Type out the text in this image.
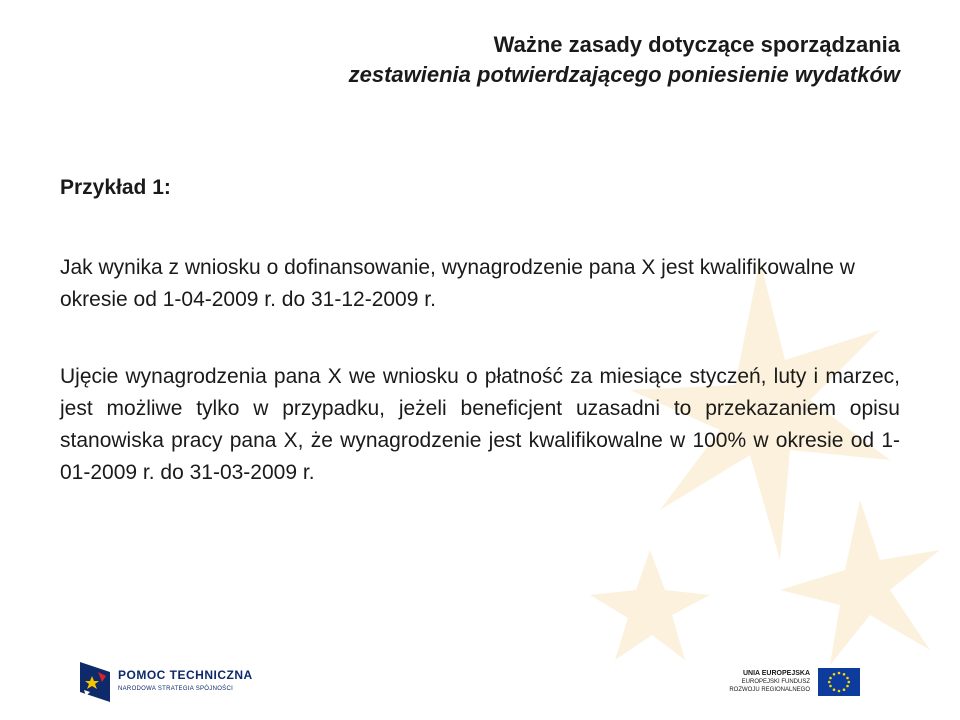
Ważne zasady dotyczące sporządzania
zestawienia potwierdzającego poniesienie wydatków
Przykład 1:
Jak wynika z wniosku o dofinansowanie, wynagrodzenie pana X jest kwalifikowalne w okresie od 1-04-2009 r. do 31-12-2009 r.
Ujęcie wynagrodzenia pana X we wniosku o płatność za miesiące styczeń, luty i marzec, jest możliwe tylko w przypadku, jeżeli beneficjent uzasadni to przekazaniem opisu stanowiska pracy pana X, że wynagrodzenie jest kwalifikowalne w 100% w okresie od 1-01-2009 r. do 31-03-2009 r.
POMOC TECHNICZNA
NARODOWA STRATEGIA SPÓJNOŚCI
UNIA EUROPEJSKA
EUROPEJSKI FUNDUSZ
ROZWOJU REGIONALNEGO
